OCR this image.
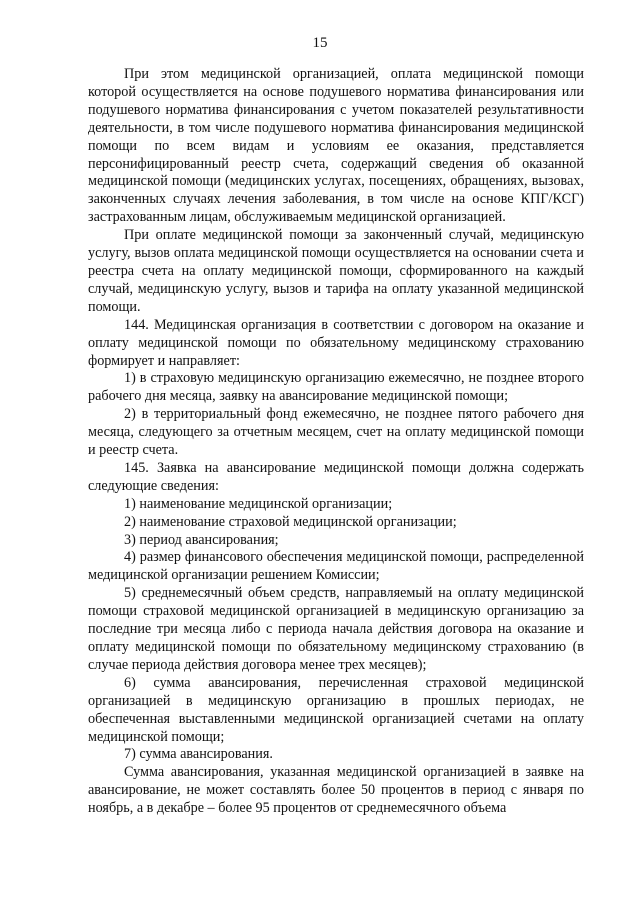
15

При этом медицинской организацией, оплата медицинской помощи которой осуществляется на основе подушевого норматива финансирования или подушевого норматива финансирования с учетом показателей результативности деятельности, в том числе подушевого норматива финансирования медицинской помощи по всем видам и условиям ее оказания, представляется персонифицированный реестр счета, содержащий сведения об оказанной медицинской помощи (медицинских услугах, посещениях, обращениях, вызовах, законченных случаях лечения заболевания, в том числе на основе КПГ/КСГ) застрахованным лицам, обслуживаемым медицинской организацией.

При оплате медицинской помощи за законченный случай, медицинскую услугу, вызов оплата медицинской помощи осуществляется на основании счета и реестра счета на оплату медицинской помощи, сформированного на каждый случай, медицинскую услугу, вызов и тарифа на оплату указанной медицинской помощи.

144. Медицинская организация в соответствии с договором на оказание и оплату медицинской помощи по обязательному медицинскому страхованию формирует и направляет:

1) в страховую медицинскую организацию ежемесячно, не позднее второго рабочего дня месяца, заявку на авансирование медицинской помощи;

2) в территориальный фонд ежемесячно, не позднее пятого рабочего дня месяца, следующего за отчетным месяцем, счет на оплату медицинской помощи и реестр счета.

145. Заявка на авансирование медицинской помощи должна содержать следующие сведения:

1) наименование медицинской организации;

2) наименование страховой медицинской организации;

3) период авансирования;

4) размер финансового обеспечения медицинской помощи, распределенной медицинской организации решением Комиссии;

5) среднемесячный объем средств, направляемый на оплату медицинской помощи страховой медицинской организацией в медицинскую организацию за последние три месяца либо с периода начала действия договора на оказание и оплату медицинской помощи по обязательному медицинскому страхованию (в случае периода действия договора менее трех месяцев);

6) сумма авансирования, перечисленная страховой медицинской организацией в медицинскую организацию в прошлых периодах, не обеспеченная выставленными медицинской организацией счетами на оплату медицинской помощи;

7) сумма авансирования.

Сумма авансирования, указанная медицинской организацией в заявке на авансирование, не может составлять более 50 процентов в период с января по ноябрь, а в декабре – более 95 процентов от среднемесячного объема
